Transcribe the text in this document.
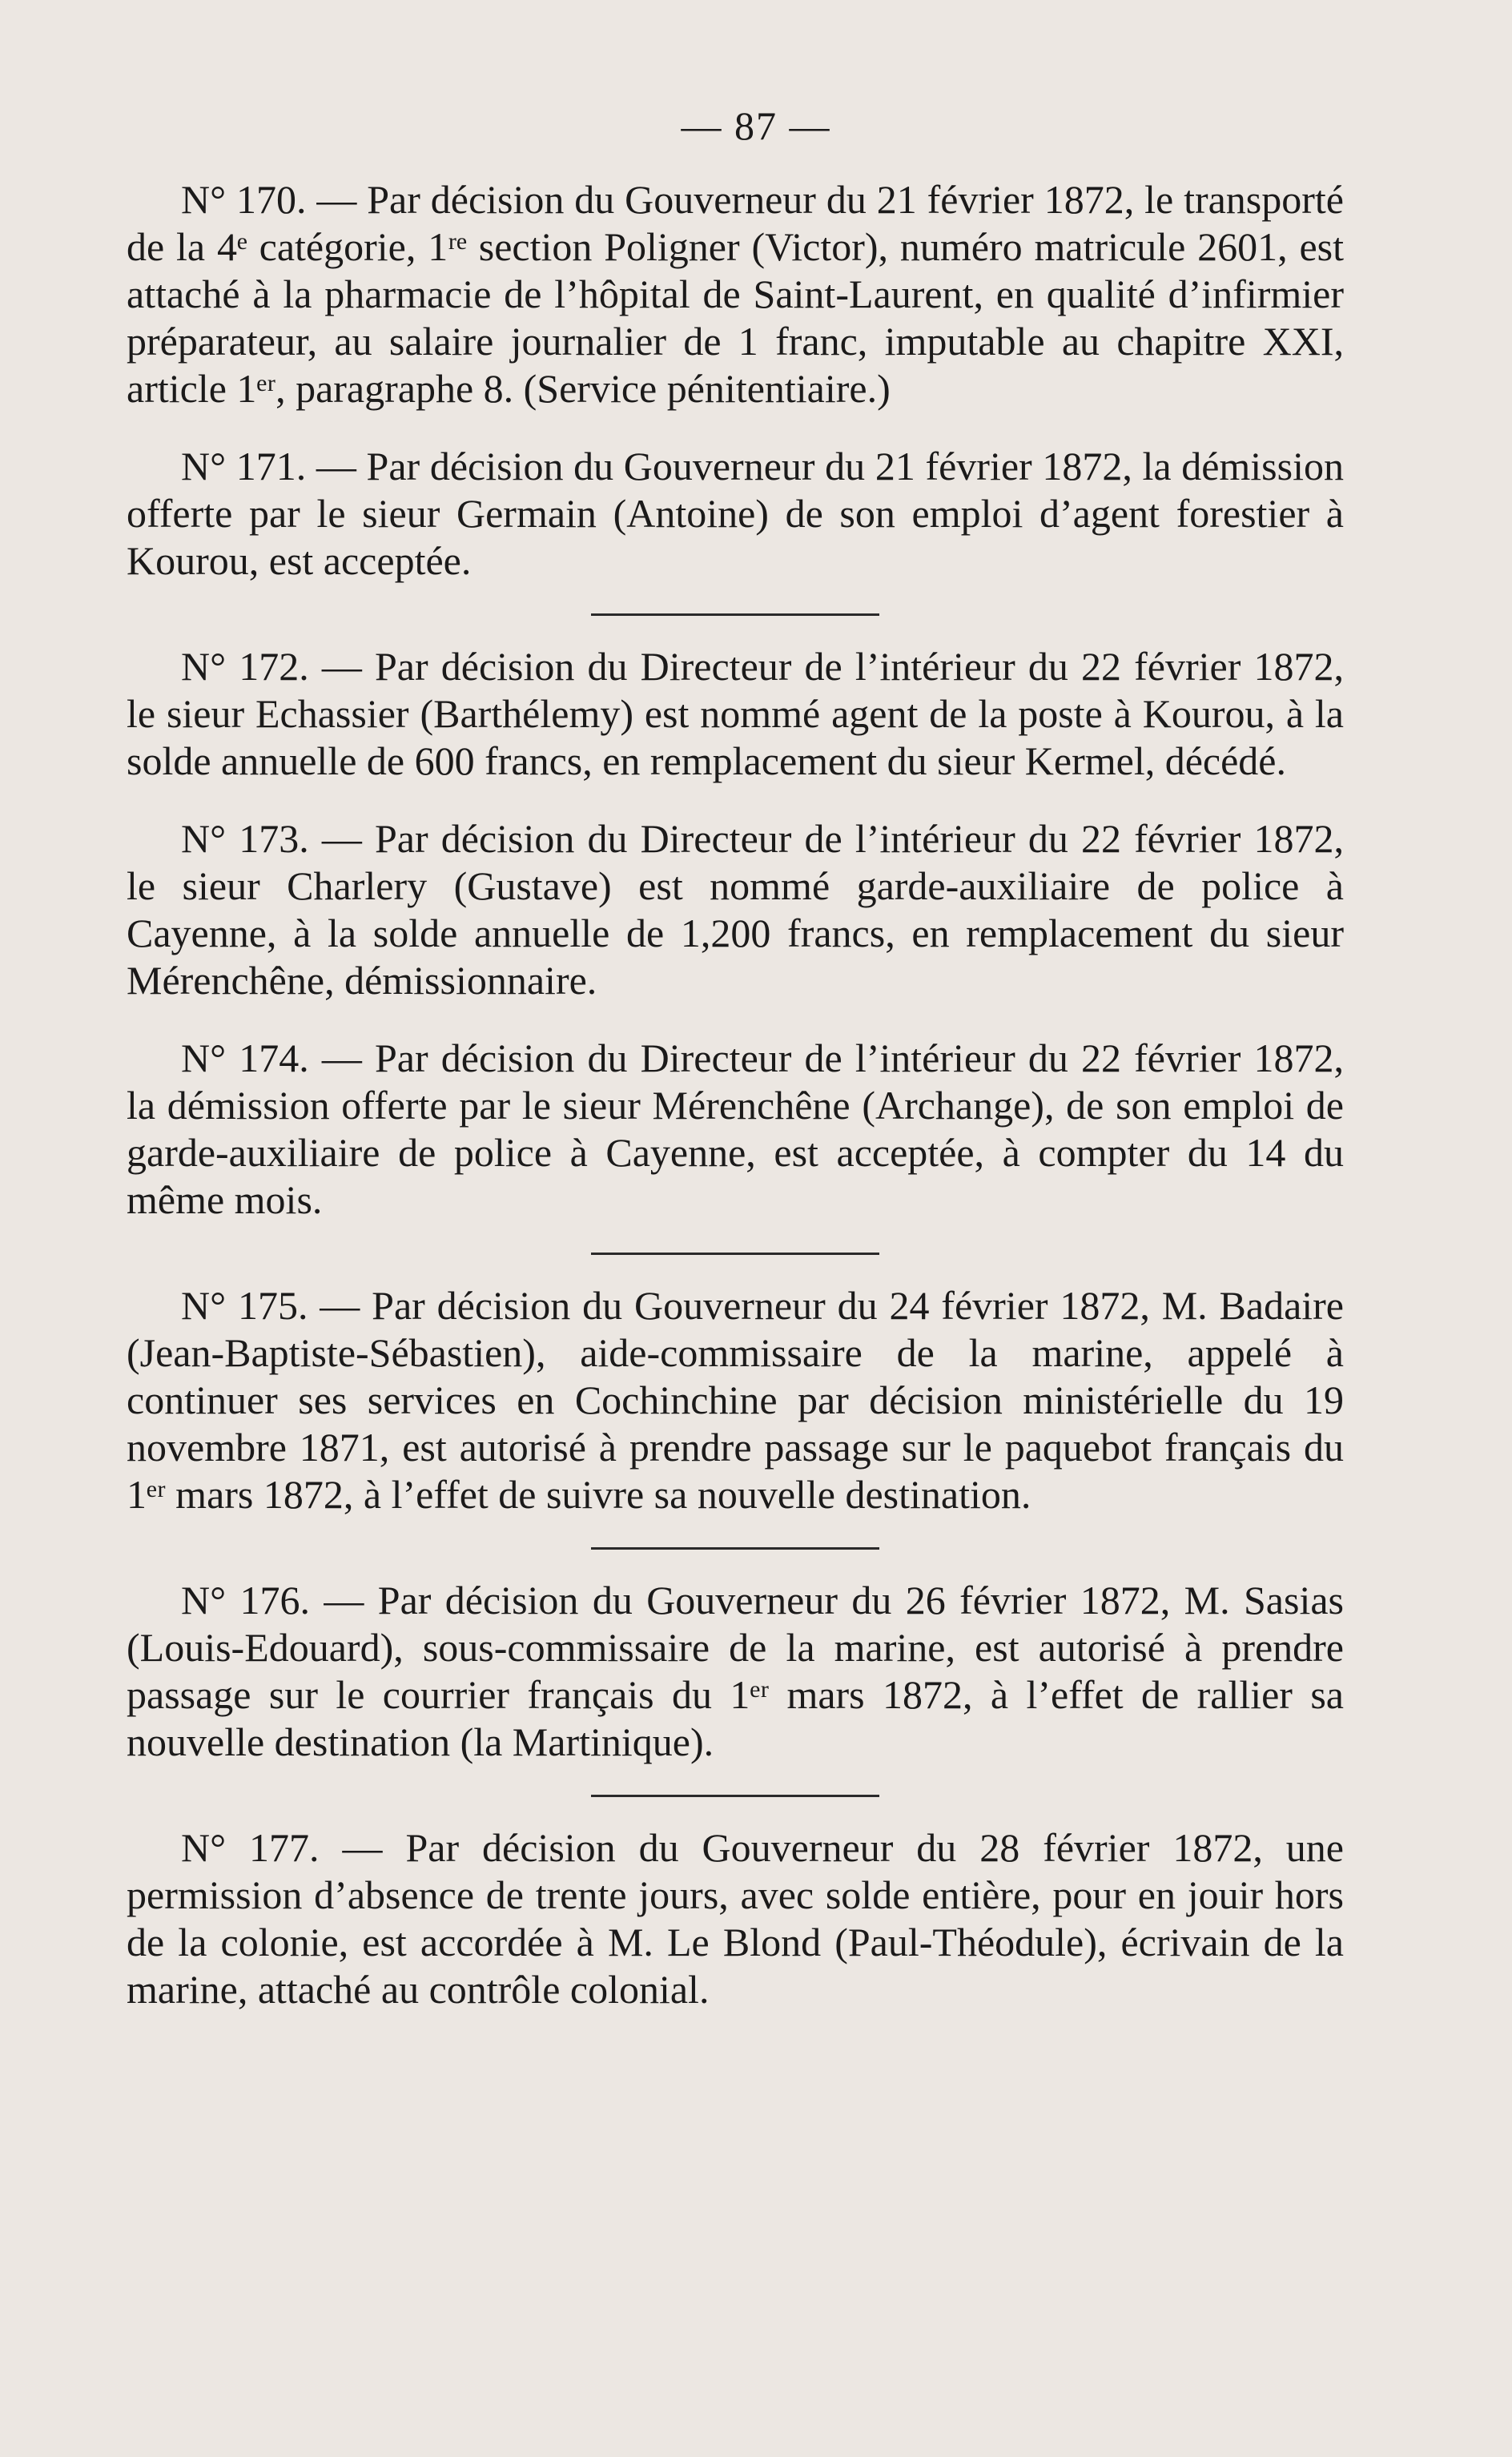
— 87 —

N° 170. — Par décision du Gouverneur du 21 février 1872, le transporté de la 4ᵉ catégorie, 1ʳᵉ section Poligner (Victor), numéro matricule 2601, est attaché à la pharmacie de l’hôpital de Saint-Laurent, en qualité d’infirmier préparateur, au salaire journalier de 1 franc, imputable au chapitre XXI, article 1ᵉʳ, paragraphe 8. (Service pénitentiaire.)

N° 171. — Par décision du Gouverneur du 21 février 1872, la démission offerte par le sieur Germain (Antoine) de son emploi d’agent forestier à Kourou, est acceptée.

N° 172. — Par décision du Directeur de l’intérieur du 22 février 1872, le sieur Echassier (Barthélemy) est nommé agent de la poste à Kourou, à la solde annuelle de 600 francs, en remplacement du sieur Kermel, décédé.

N° 173. — Par décision du Directeur de l’intérieur du 22 février 1872, le sieur Charlery (Gustave) est nommé garde-auxiliaire de police à Cayenne, à la solde annuelle de 1,200 francs, en remplacement du sieur Mérenchêne, démissionnaire.

N° 174. — Par décision du Directeur de l’intérieur du 22 février 1872, la démission offerte par le sieur Mérenchêne (Archange), de son emploi de garde-auxiliaire de police à Cayenne, est acceptée, à compter du 14 du même mois.

N° 175. — Par décision du Gouverneur du 24 février 1872, M. Badaire (Jean-Baptiste-Sébastien), aide-commissaire de la marine, appelé à continuer ses services en Cochinchine par décision ministérielle du 19 novembre 1871, est autorisé à prendre passage sur le paquebot français du 1ᵉʳ mars 1872, à l’effet de suivre sa nouvelle destination.

N° 176. — Par décision du Gouverneur du 26 février 1872, M. Sasias (Louis-Edouard), sous-commissaire de la marine, est autorisé à prendre passage sur le courrier français du 1ᵉʳ mars 1872, à l’effet de rallier sa nouvelle destination (la Martinique).

N° 177. — Par décision du Gouverneur du 28 février 1872, une permission d’absence de trente jours, avec solde entière, pour en jouir hors de la colonie, est accordée à M. Le Blond (Paul-Théodule), écrivain de la marine, attaché au contrôle colonial.
